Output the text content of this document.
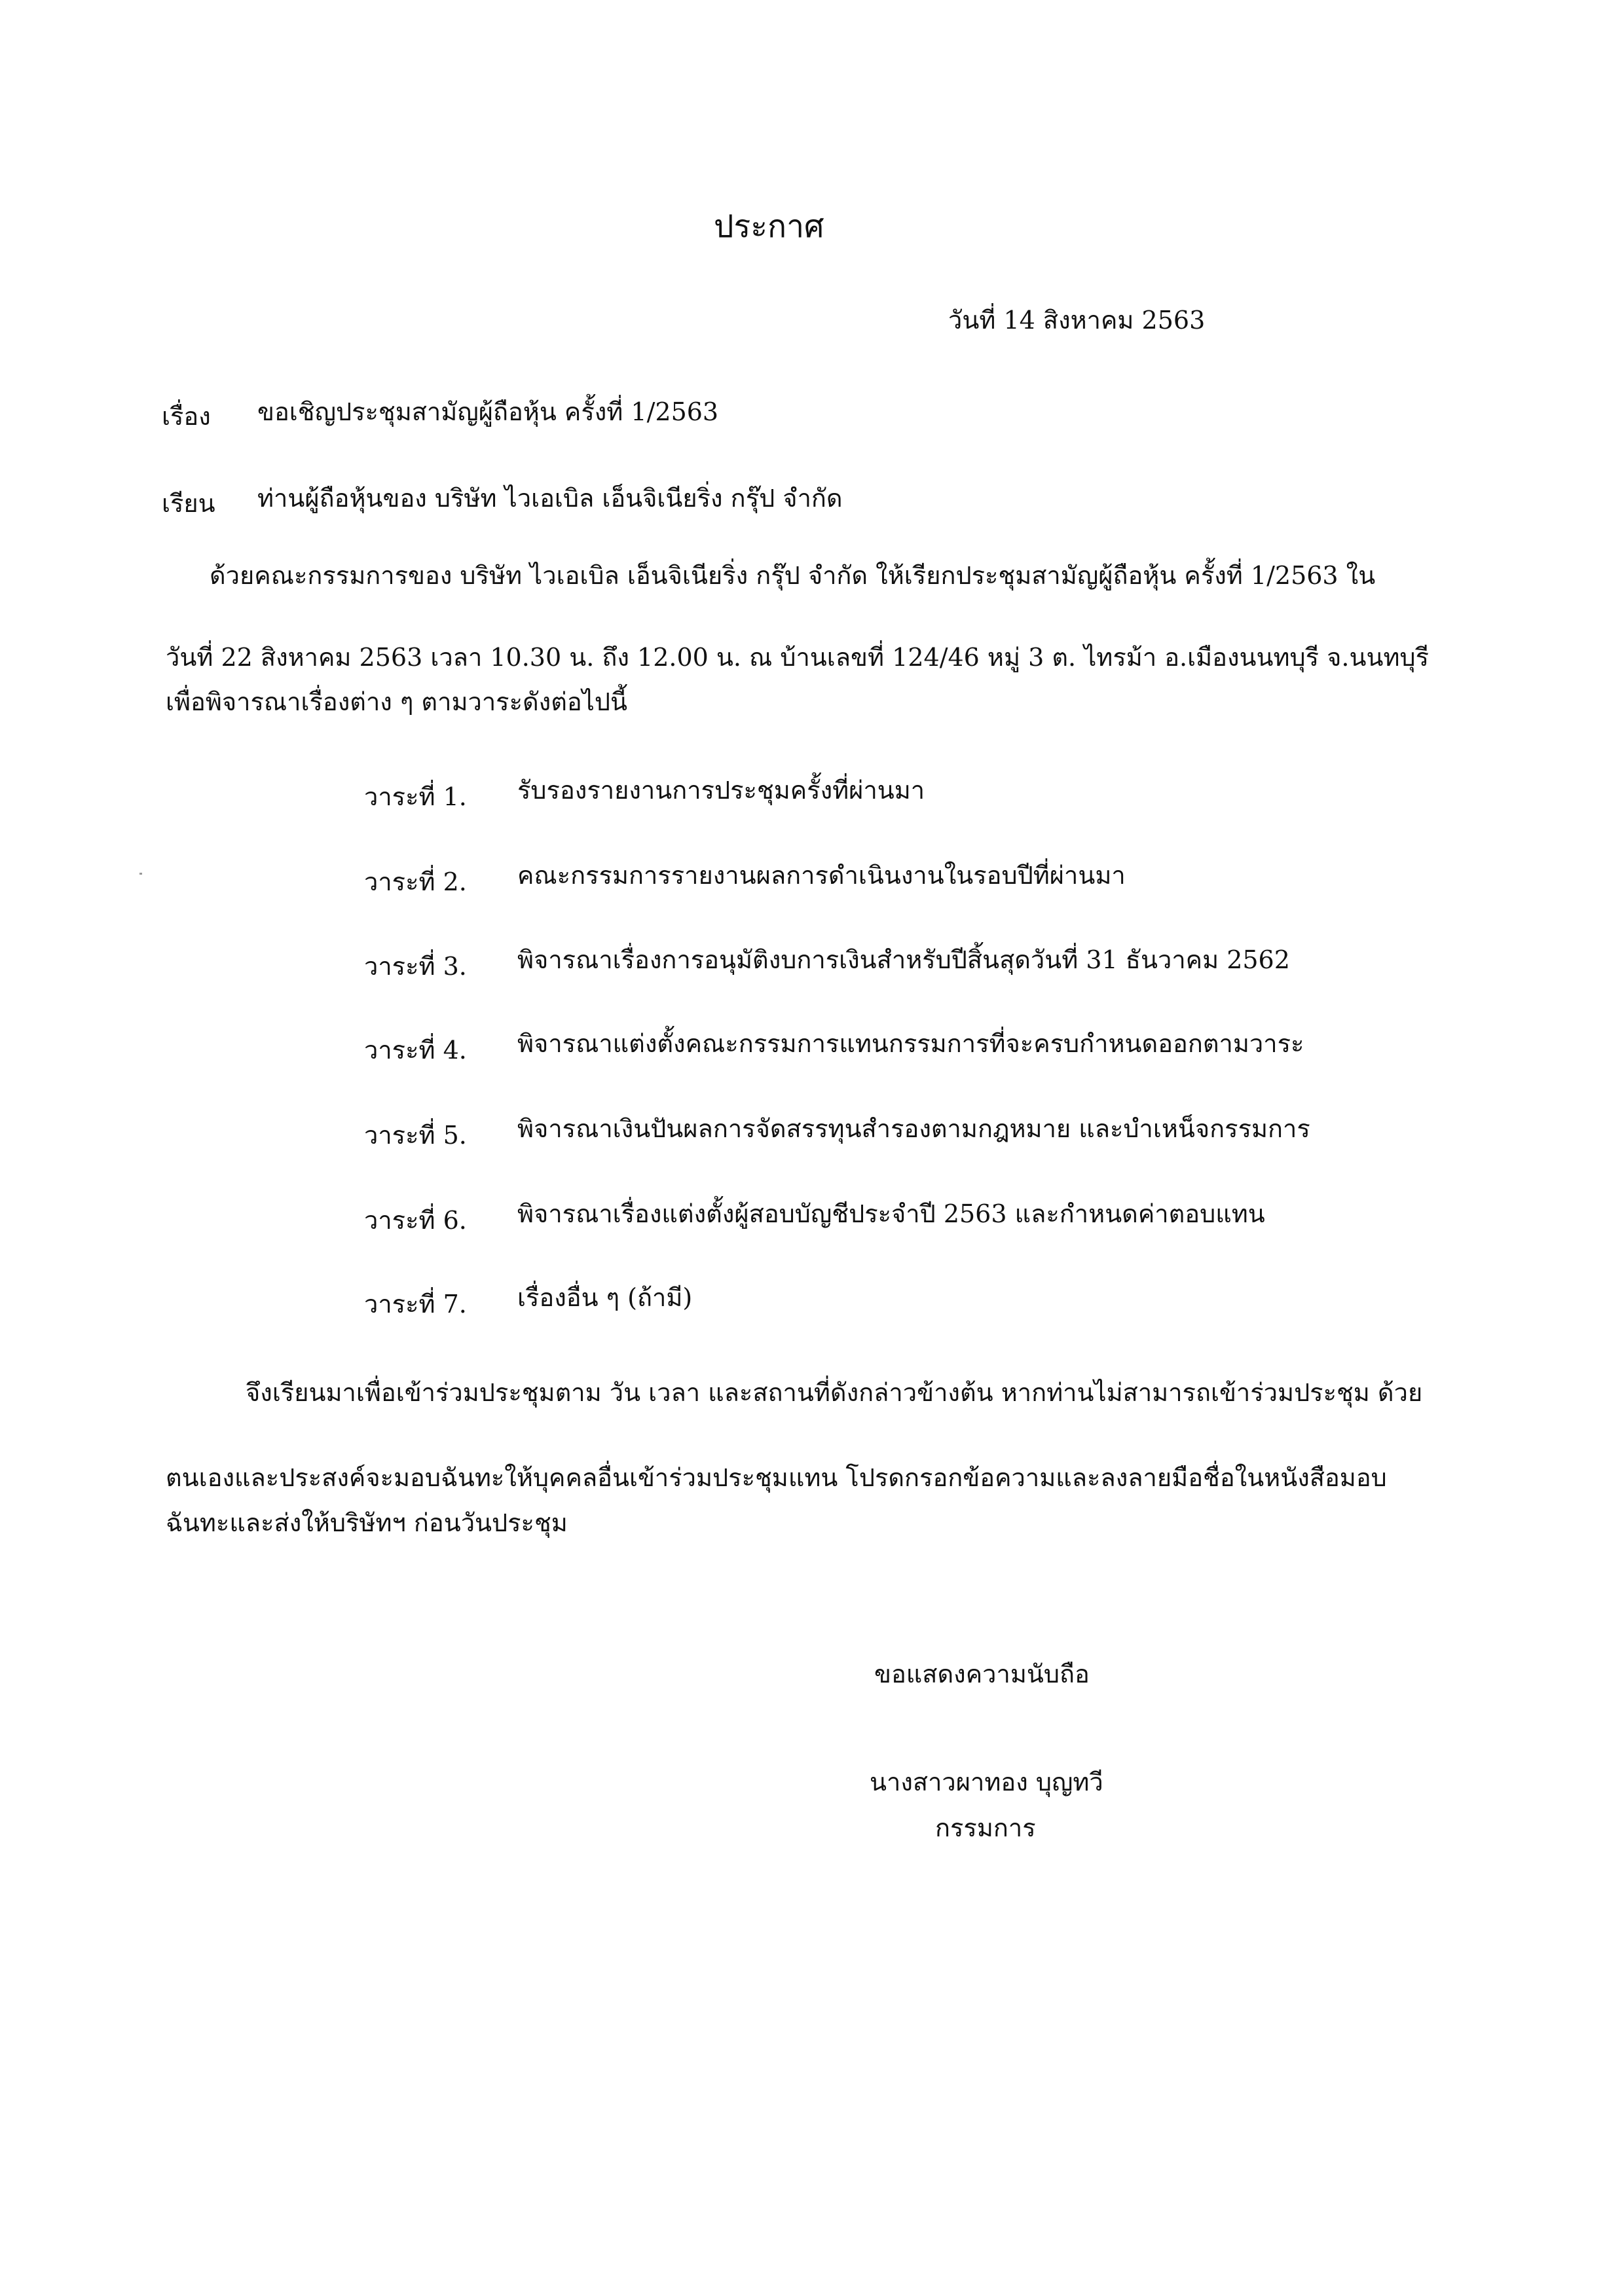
ประกาศ
วันที่ 14 สิงหาคม 2563
เรื่อง ขอเชิญประชุมสามัญผู้ถือหุ้น ครั้งที่ 1/2563
เรียน ท่านผู้ถือหุ้นของ บริษัท ไวเอเบิล เอ็นจิเนียริ่ง กรุ๊ป จำกัด
ด้วยคณะกรรมการของ บริษัท ไวเอเบิล เอ็นจิเนียริ่ง กรุ๊ป จำกัด ให้เรียกประชุมสามัญผู้ถือหุ้น ครั้งที่ 1/2563 ใน
วันที่ 22 สิงหาคม 2563 เวลา 10.30 น. ถึง 12.00 น. ณ บ้านเลขที่ 124/46 หมู่ 3 ต. ไทรม้า อ.เมืองนนทบุรี จ.นนทบุรี
เพื่อพิจารณาเรื่องต่าง ๆ ตามวาระดังต่อไปนี้
วาระที่ 1. รับรองรายงานการประชุมครั้งที่ผ่านมา
วาระที่ 2. คณะกรรมการรายงานผลการดำเนินงานในรอบปีที่ผ่านมา
วาระที่ 3. พิจารณาเรื่องการอนุมัติงบการเงินสำหรับปีสิ้นสุดวันที่ 31 ธันวาคม 2562
วาระที่ 4. พิจารณาแต่งตั้งคณะกรรมการแทนกรรมการที่จะครบกำหนดออกตามวาระ
วาระที่ 5. พิจารณาเงินปันผลการจัดสรรทุนสำรองตามกฎหมาย และบำเหน็จกรรมการ
วาระที่ 6. พิจารณาเรื่องแต่งตั้งผู้สอบบัญชีประจำปี 2563 และกำหนดค่าตอบแทน
วาระที่ 7. เรื่องอื่น ๆ (ถ้ามี)
จึงเรียนมาเพื่อเข้าร่วมประชุมตาม วัน เวลา และสถานที่ดังกล่าวข้างต้น หากท่านไม่สามารถเข้าร่วมประชุม ด้วย
ตนเองและประสงค์จะมอบฉันทะให้บุคคลอื่นเข้าร่วมประชุมแทน โปรดกรอกข้อความและลงลายมือชื่อในหนังสือมอบ
ฉันทะและส่งให้บริษัทฯ ก่อนวันประชุม
ขอแสดงความนับถือ
นางสาวผาทอง บุญทวี
กรรมการ
